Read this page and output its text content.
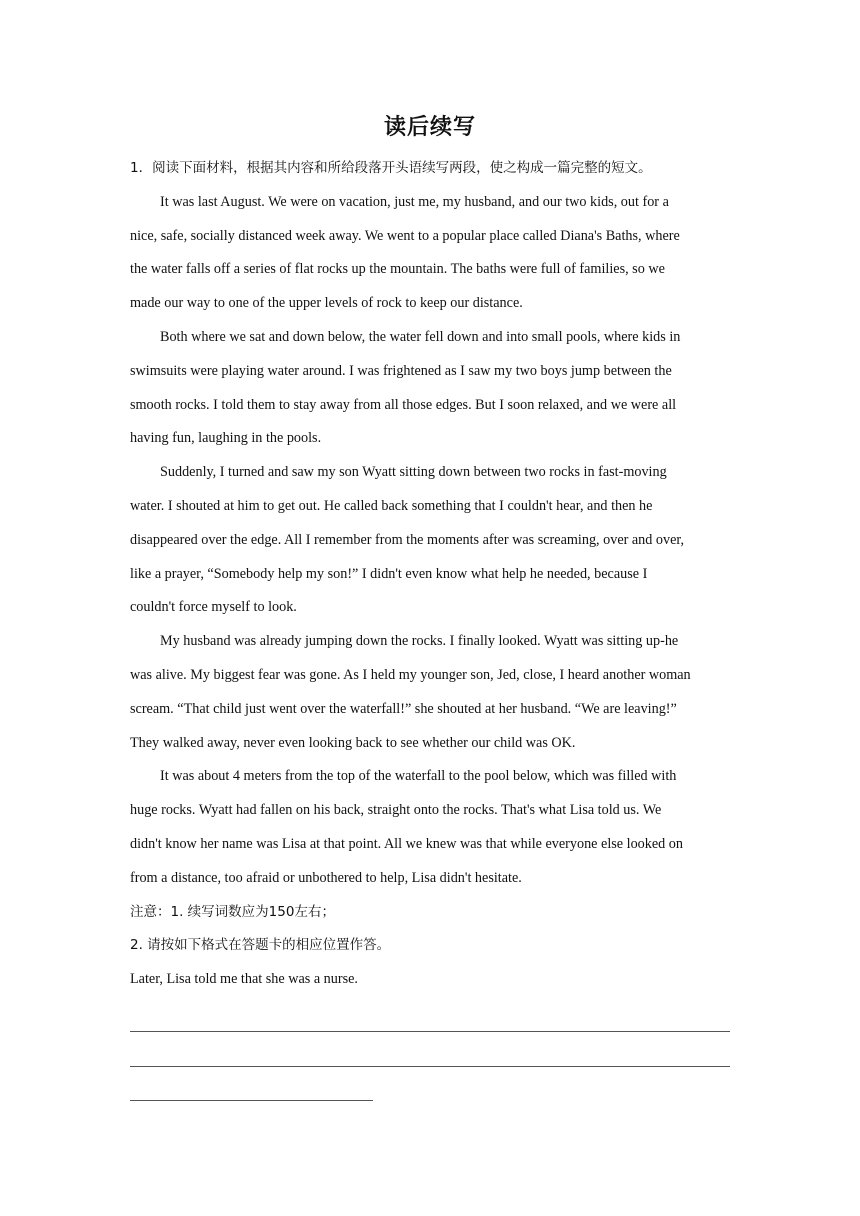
读后续写
1．阅读下面材料，根据其内容和所给段落开头语续写两段，使之构成一篇完整的短文。
It was last August. We were on vacation, just me, my husband, and our two kids, out for a
nice, safe, socially distanced week away. We went to a popular place called Diana's Baths, where
the water falls off a series of flat rocks up the mountain. The baths were full of families, so we
made our way to one of the upper levels of rock to keep our distance.
Both where we sat and down below, the water fell down and into small pools, where kids in
swimsuits were playing water around. I was frightened as I saw my two boys jump between the
smooth rocks. I told them to stay away from all those edges. But I soon relaxed, and we were all
having fun, laughing in the pools.
Suddenly, I turned and saw my son Wyatt sitting down between two rocks in fast-moving
water. I shouted at him to get out. He called back something that I couldn't hear, and then he
disappeared over the edge. All I remember from the moments after was screaming, over and over,
like a prayer, “Somebody help my son!” I didn't even know what help he needed, because I
couldn't force myself to look.
My husband was already jumping down the rocks. I finally looked. Wyatt was sitting up-he
was alive. My biggest fear was gone. As I held my younger son, Jed, close, I heard another woman
scream. “That child just went over the waterfall!” she shouted at her husband. “We are leaving!”
They walked away, never even looking back to see whether our child was OK.
It was about 4 meters from the top of the waterfall to the pool below, which was filled with
huge rocks. Wyatt had fallen on his back, straight onto the rocks. That's what Lisa told us. We
didn't know her name was Lisa at that point. All we knew was that while everyone else looked on
from a distance, too afraid or unbothered to help, Lisa didn't hesitate.
注意：1. 续写词数应为150左右；
2. 请按如下格式在答题卡的相应位置作答。
Later, Lisa told me that she was a nurse.
